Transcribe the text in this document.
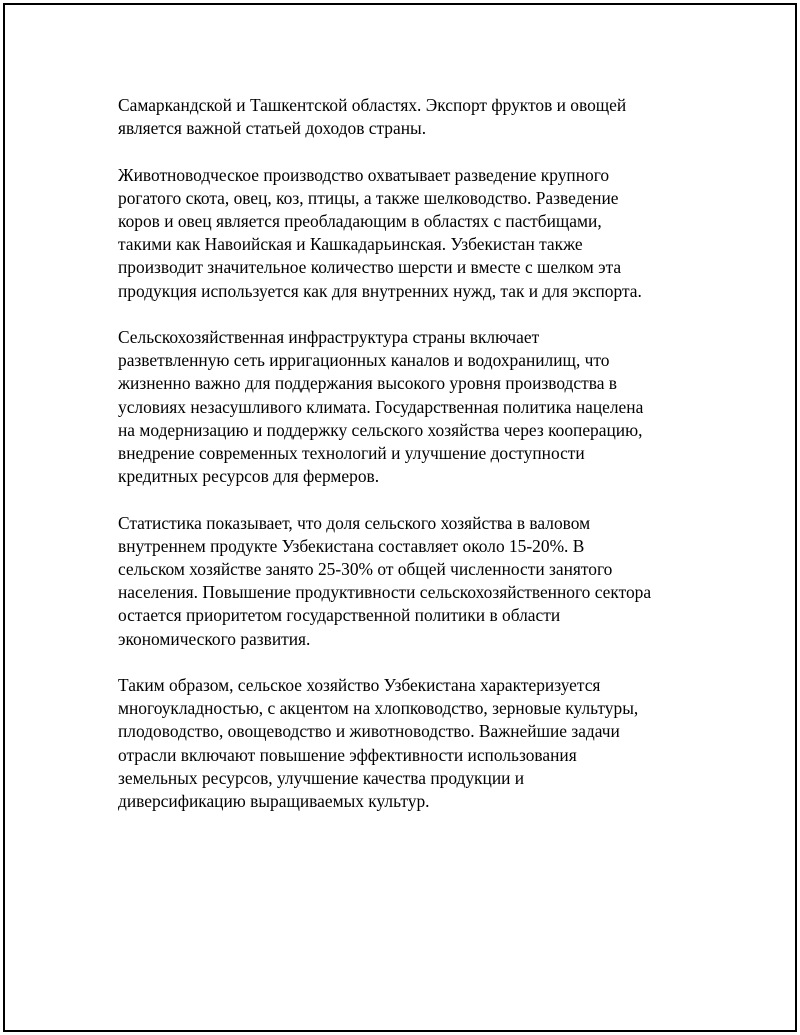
Самаркандской и Ташкентской областях. Экспорт фруктов и овощей
является важной статьей доходов страны.

Животноводческое производство охватывает разведение крупного
рогатого скота, овец, коз, птицы, а также шелководство. Разведение
коров и овец является преобладающим в областях с пастбищами,
такими как Навоийская и Кашкадарьинская. Узбекистан также
производит значительное количество шерсти и вместе с шелком эта
продукция используется как для внутренних нужд, так и для экспорта.

Сельскохозяйственная инфраструктура страны включает
разветвленную сеть ирригационных каналов и водохранилищ, что
жизненно важно для поддержания высокого уровня производства в
условиях незасушливого климата. Государственная политика нацелена
на модернизацию и поддержку сельского хозяйства через кооперацию,
внедрение современных технологий и улучшение доступности
кредитных ресурсов для фермеров.

Статистика показывает, что доля сельского хозяйства в валовом
внутреннем продукте Узбекистана составляет около 15-20%. В
сельском хозяйстве занято 25-30% от общей численности занятого
населения. Повышение продуктивности сельскохозяйственного сектора
остается приоритетом государственной политики в области
экономического развития.

Таким образом, сельское хозяйство Узбекистана характеризуется
многоукладностью, с акцентом на хлопководство, зерновые культуры,
плодоводство, овощеводство и животноводство. Важнейшие задачи
отрасли включают повышение эффективности использования
земельных ресурсов, улучшение качества продукции и
диверсификацию выращиваемых культур.
